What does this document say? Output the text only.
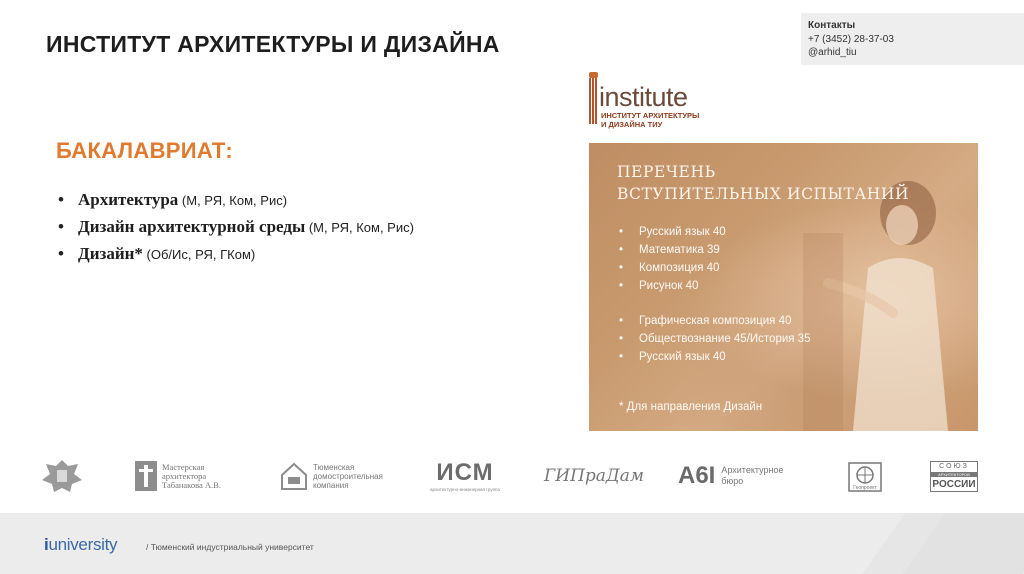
ИНСТИТУТ АРХИТЕКТУРЫ И ДИЗАЙНА
Контакты
+7 (3452) 28-37-03
@arhid_tiu
institute
ИНСТИТУТ АРХИТЕКТУРЫ
И ДИЗАЙНА ТИУ
БАКАЛАВРИАТ:
• Архитектура (М, РЯ, Ком, Рис)
• Дизайн архитектурной среды (М, РЯ, Ком, Рис)
• Дизайн* (Об/Ис, РЯ, ГКом)
ПЕРЕЧЕНЬ
ВСТУПИТЕЛЬНЫХ ИСПЫТАНИЙ
• Русский язык 40
• Математика 39
• Композиция 40
• Рисунок 40
• Графическая композиция 40
• Обществознание 45/История 35
• Русский язык 40
* Для направления Дизайн
Мастерская
архитектора
Табанакова А.В.
Тюменская
домостроительная
компания	ИСМ
архитектурно-инженерная группа
ГИПраДам А6І Архитектурное
бюро
Геопроект
СОЮЗ
АРХИТЕКТОРОВ
РОССИИ
iuniversity	/ Тюменский индустриальный университет
